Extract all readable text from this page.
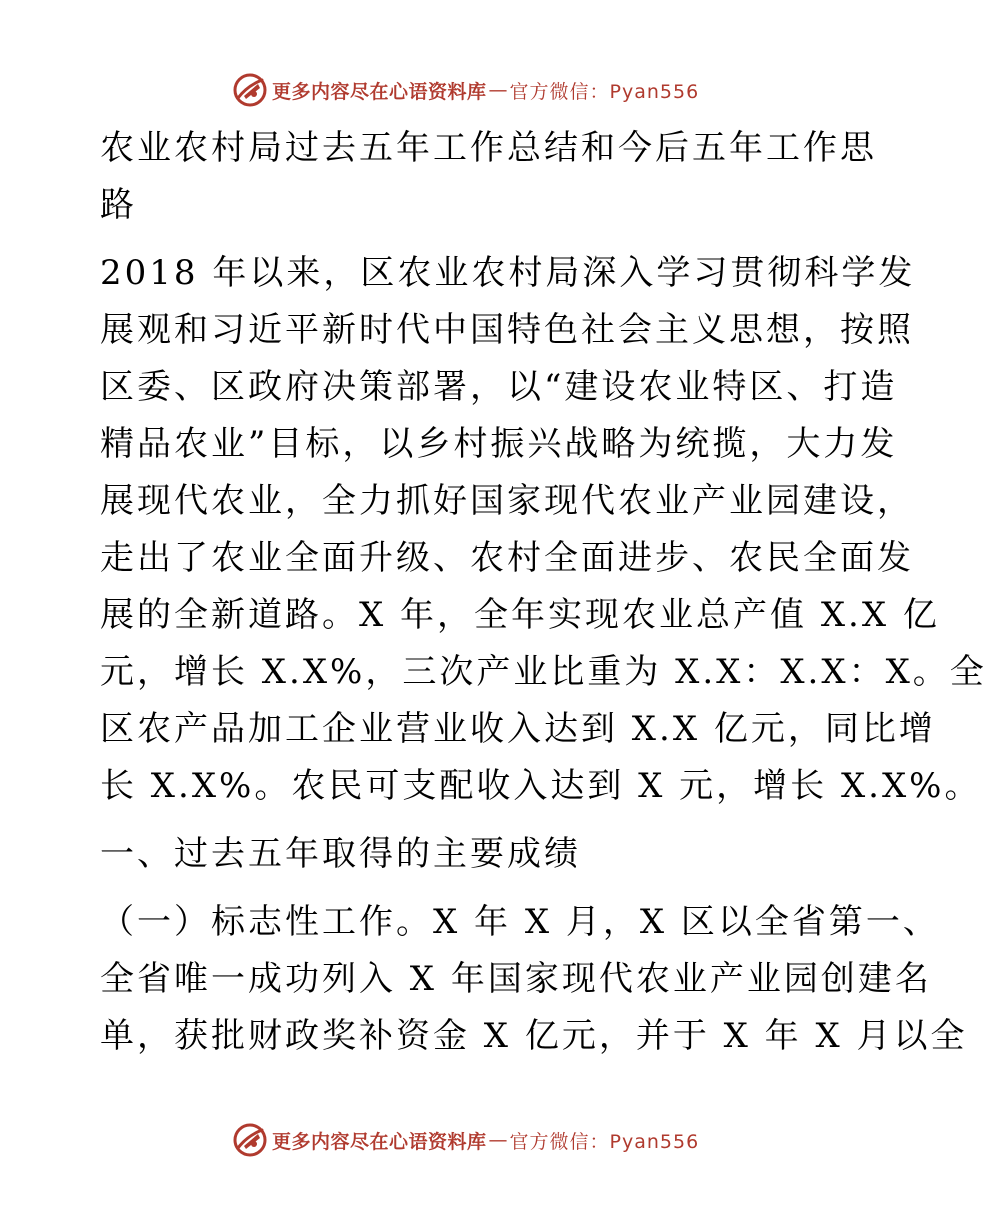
更多内容尽在心语资料库 — 官方微信：Pyan556
农业农村局过去五年工作总结和今后五年工作思
路
2018 年以来，区农业农村局深入学习贯彻科学发
展观和习近平新时代中国特色社会主义思想，按照
区委、区政府决策部署，以“建设农业特区、打造
精品农业”目标，以乡村振兴战略为统揽，大力发
展现代农业，全力抓好国家现代农业产业园建设，
走出了农业全面升级、农村全面进步、农民全面发
展的全新道路。X 年，全年实现农业总产值 X.X 亿
元，增长 X.X%，三次产业比重为 X.X：X.X：X。全
区农产品加工企业营业收入达到 X.X 亿元，同比增
长 X.X%。农民可支配收入达到 X 元，增长 X.X%。
一、过去五年取得的主要成绩
（一）标志性工作。X 年 X 月，X 区以全省第一、
全省唯一成功列入 X 年国家现代农业产业园创建名
单，获批财政奖补资金 X 亿元，并于 X 年 X 月以全
更多内容尽在心语资料库 — 官方微信：Pyan556
